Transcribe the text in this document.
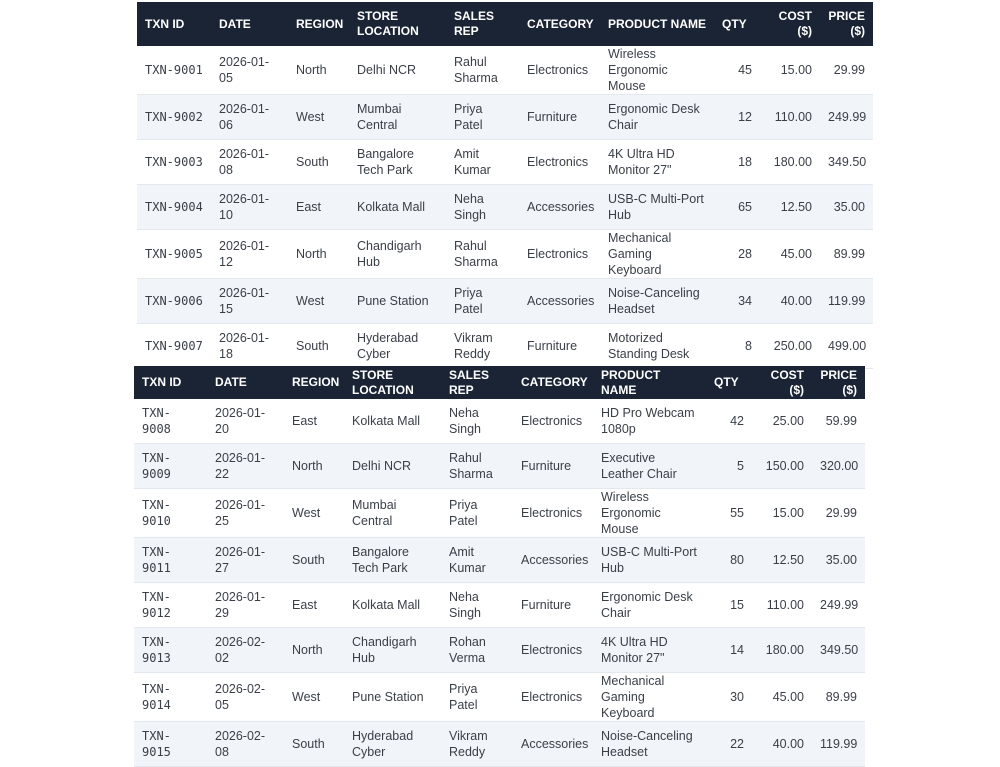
TXN ID	DATE	REGION	STORE LOCATION	SALES REP	CATEGORY	PRODUCT NAME	QTY	COST ($)	PRICE ($)
TXN-9001	2026-01-05	North	Delhi NCR	Rahul Sharma	Electronics	Wireless Ergonomic Mouse	45	15.00	29.99
TXN-9002	2026-01-06	West	Mumbai Central	Priya Patel	Furniture	Ergonomic Desk Chair	12	110.00	249.99
TXN-9003	2026-01-08	South	Bangalore Tech Park	Amit Kumar	Electronics	4K Ultra HD Monitor 27"	18	180.00	349.50
TXN-9004	2026-01-10	East	Kolkata Mall	Neha Singh	Accessories	USB-C Multi-Port Hub	65	12.50	35.00
TXN-9005	2026-01-12	North	Chandigarh Hub	Rahul Sharma	Electronics	Mechanical Gaming Keyboard	28	45.00	89.99
TXN-9006	2026-01-15	West	Pune Station	Priya Patel	Accessories	Noise-Canceling Headset	34	40.00	119.99
TXN-9007	2026-01-18	South	Hyderabad Cyber	Vikram Reddy	Furniture	Motorized Standing Desk	8	250.00	499.00
TXN ID	DATE	REGION	STORE LOCATION	SALES REP	CATEGORY	PRODUCT NAME	QTY	COST ($)	PRICE ($)
TXN-9008	2026-01-20	East	Kolkata Mall	Neha Singh	Electronics	HD Pro Webcam 1080p	42	25.00	59.99
TXN-9009	2026-01-22	North	Delhi NCR	Rahul Sharma	Furniture	Executive Leather Chair	5	150.00	320.00
TXN-9010	2026-01-25	West	Mumbai Central	Priya Patel	Electronics	Wireless Ergonomic Mouse	55	15.00	29.99
TXN-9011	2026-01-27	South	Bangalore Tech Park	Amit Kumar	Accessories	USB-C Multi-Port Hub	80	12.50	35.00
TXN-9012	2026-01-29	East	Kolkata Mall	Neha Singh	Furniture	Ergonomic Desk Chair	15	110.00	249.99
TXN-9013	2026-02-02	North	Chandigarh Hub	Rohan Verma	Electronics	4K Ultra HD Monitor 27"	14	180.00	349.50
TXN-9014	2026-02-05	West	Pune Station	Priya Patel	Electronics	Mechanical Gaming Keyboard	30	45.00	89.99
TXN-9015	2026-02-08	South	Hyderabad Cyber	Vikram Reddy	Accessories	Noise-Canceling Headset	22	40.00	119.99
